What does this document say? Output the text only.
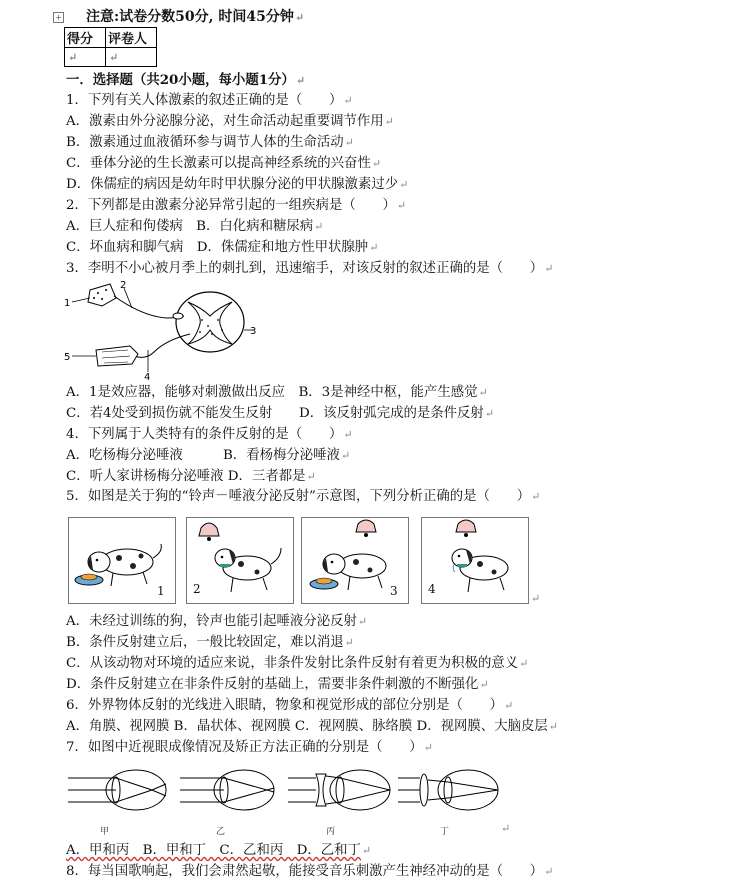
+ 注意:试卷分数50分, 时间45分钟↵
得分	评卷人
↵	↵
一．选择题（共20小题，每小题1分）↵
1．下列有关人体激素的叙述正确的是（　　）↵
A．激素由外分泌腺分泌，对生命活动起重要调节作用↵
B．激素通过血液循环参与调节人体的生命活动↵
C．垂体分泌的生长激素可以提高神经系统的兴奋性↵
D．侏儒症的病因是幼年时甲状腺分泌的甲状腺激素过少↵
2．下列都是由激素分泌异常引起的一组疾病是（　　）↵
A．巨人症和佝偻病　B．白化病和糖尿病↵
C．坏血病和脚气病　D．侏儒症和地方性甲状腺肿↵
3．李明不小心被月季上的刺扎到，迅速缩手，对该反射的叙述正确的是（　　）↵
1
2
3
4
5
A．1是效应器，能够对刺激做出反应　B．3是神经中枢，能产生感觉↵
C．若4处受到损伤就不能发生反射　　D．该反射弧完成的是条件反射↵
4．下列属于人类特有的条件反射的是（　　）↵
A．吃杨梅分泌唾液　　　B．看杨梅分泌唾液↵
C．听人家讲杨梅分泌唾液 D．三者都是↵
5．如图是关于狗的“铃声－唾液分泌反射”示意图，下列分析正确的是（　　）↵
1 2	3	4
↵
A．未经过训练的狗，铃声也能引起唾液分泌反射↵
B．条件反射建立后，一般比较固定，难以消退↵
C．从该动物对环境的适应来说，非条件发射比条件反射有着更为积极的意义↵
D．条件反射建立在非条件反射的基础上，需要非条件刺激的不断强化↵
6．外界物体反射的光线进入眼睛，物象和视觉形成的部位分别是（　　）↵
A．角膜、视网膜 B．晶状体、视网膜 C．视网膜、脉络膜 D．视网膜、大脑皮层↵
7．如图中近视眼成像情况及矫正方法正确的分别是（　　）↵
甲	乙	丙	丁	↵
A．甲和丙　B．甲和丁　C．乙和丙　D．乙和丁↵
8．每当国歌响起，我们会肃然起敬，能接受音乐刺激产生神经冲动的是（　　）↵
